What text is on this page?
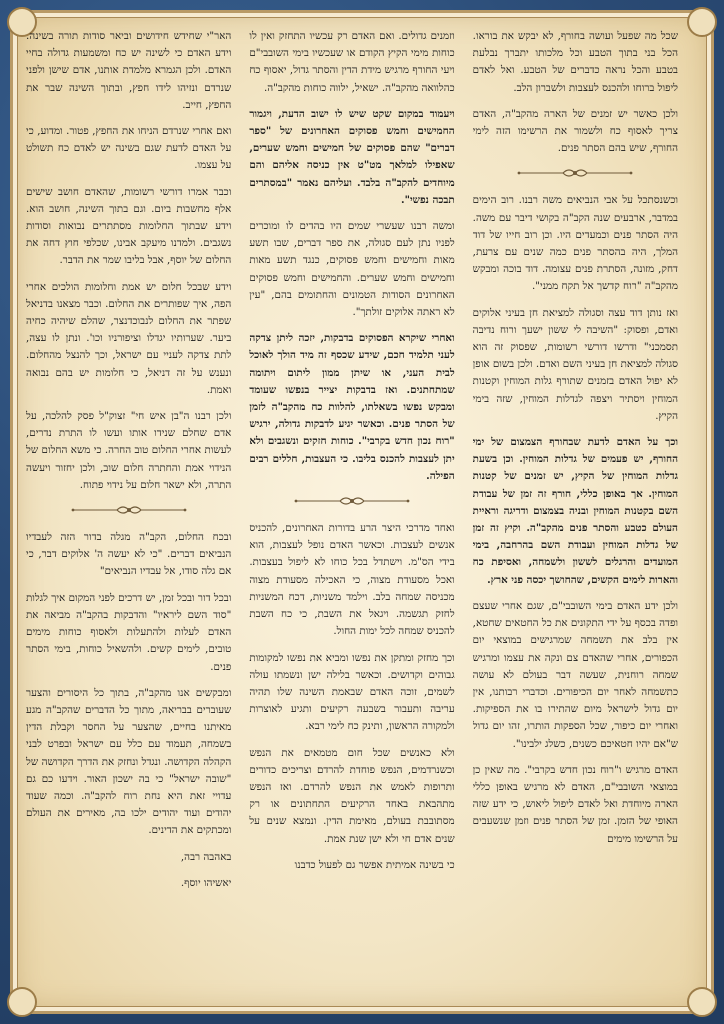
שכל מה שפעל ועושה בחורף, לא יבקש את בוראו. הכל בני בתוך הטבע וכל מלכותו יתברך נבלעת בטבע והכל נראה כדברים של הטבע. ואל לאדם ליפול ברוחו ולהכנס לעצבות ולשברון הלב.

ולכן כאשר יש זמנים של הארה מהקב"ה, האדם צריך לאסוף כח ולשמור את הרשימו הזה לימי החורף, שיש בהם הסתר פנים.

וכשנסתכל על אבי הנביאים משה רבנו. רוב הימים במדבר, ארבעים שנה הקב"ה בקושי דיבר עם משה. היה הסתר פנים וכמעדים היו. וכן רוב חייו של דוד המלך, היה בהסתר פנים כמה שנים עם צרעת, דחק, מזונה, הסתרת פנים עצומה. דוד בוכה ומבקש מהקב"ה "רוח קדשך אל תקח ממני".

ואז נותן דוד עצה וסגולה למציאת חן בעיני אלוקים ואדם, ופסוק: "השיבה לי ששון ישעך ורוח נדיבה תסמכני" ודרשו דורשי רשומות, שפסוק זה הוא סגולה למציאת חן בעיני השם ואדם. ולכן בשום אופן לא יפול האדם בזמנים שתורף גלות המוחין וקטנות המוחין ויסתיר ויצפה לגדלות המוחין, שזה בימי הקיץ.

וכך על האדם לדעת שבחורף הצמצום של ימי החורף, יש פעמים של גדלות המוחין. וכן בשעת גדלות המוחין של הקיץ, יש זמנים של קטנות המוחין. אך באופן כללי, חורף זה זמן של עבודת השם בקטנות המוחין ובניה בצמצום ודריגה וראיית העולם כטבע והסתר פנים מהקב"ה. וקיץ זה זמן של גדלות המוחין ועבודת השם בהרחבה, בימי המועדים והרגלים לששון ולשמחה, ואסיפת כח והארות לימים הקשים, שהחושך יכסה פני ארץ.

ולכן ידע האדם בימי השובבי"ם, שגם אחרי שעצם ופדה בכסף על ידי התקונים את כל החטאים שחטא, אין בלב את תשמחה שמרגישים במוצאי יום הכפורים, אחרי שהאדם צם ונקה את עצמו ומרגיש שמחה רוחנית, שעשה דבר בעולם לא עושה כתשמחה לאחר יום הכיפורים. וכדברי רבותנו, אין יום גדול לישראל מיום שהתירו בו את הספיקות. ואחרי יום כיפור, שכל הספקות הותרו, זהו יום גדול ש"אם יהיו חטאיכם כשנים, כשלג ילבינו".

האדם מרגיש ו"רוח נכון חדש בקרבי". מה שאין כן במוצאי השובבי"ם, האדם לא מרגיש באופן כללי הארה מיוחדת ואל לאדם ליפול ליאוש, כי ידע שזה האופי של הזמן. זמן של הסתר פנים וזמן שנשעבים על הרשימו מימים

וזמנים גדולים. ואם האדם רק עכשיו התחזק ואין לו כוחות מימי הקיץ הקודם או שעכשיו בימי השובבי"ם ויעי החורף מרגיש מידת הדין והסתר גדול, יאסוף כח כהלוואה מהקב"ה. ישאיל, ילווה כוחות מהקב"ה.

ויעמוד במקום שקט שיש לו ישוב הדעת, ויגמור החמישים וחמש פסוקים האחרונים של "ספר דברים" שהם פסוקים של חמישים וחמש שערים, שאפילו למלאך מט"ט אין כניסה אליהם והם מיוחדים להקב"ה בלבד. ועליהם נאמר "במסתרים תבכה נפשי".

ומשה רבנו שעשרי שמים היו בהדים לו ומוכרים לפניו נתן לעם סגולה, את ספר דברים, שבו תשע מאות וחמישים וחמש פסוקים, כנגד תשע מאות וחמישים וחמש שערים. והחמישים וחמש פסוקים האחרונים הסודות הטמונים והחתומים בהם, "עין לא ראתה אלוקים זולתך".

ואחרי שיקרא הפסוקים בדבקות, יזכה ליתן צדקה לעני תלמיד חכם, שידע שכסף זה מיד הולך לאוכל לבית העני, או שיתן ממון ליתום ויתומה שמתחתנים. ואז בדבקות יצייר בנפשו שעומד ומבקש נפשו בשאלתו, להלוות כח מהקב"ה לזמן של הסתר פנים. וכאשר יגיע לדבקות גדולה, ירגיש "רוח נכון חדש בקרבי". כוחות חזקים ונשגבים ולא יתן לעצבות להכנס בליבו. כי העצבות, חללים רבים הפילה.

ואחד מדרכי היצר הרע בדורות האחרונים, להכניס אנשים לעצבות. וכאשר האדם נופל לעצבות, הוא בידי הס"מ. וישתדל בכל כוחו לא ליפול בעצבות. ואכל מסעודת מצוה, כי האכילה מסעודת מצוה מכניסה שמחה בלב. וילמד משניות, דכח המשניות לחזק תגשמה. ויגאל את השבת, כי כח השבת להכניס שמחה לכל ימות החול.

וכך מחזק ומתקן את נפשו ומביא את נפשו למקומות גבוהים וקדושים. וכאשר בלילה ישן ונשמתו עולה לשמים, זוכה האדם שבאמת השינה שלו תהיה עריבה ותעבור בשבעה רקיעים ותגיע לאוצרות ולמקורה הראשון, ותינק כח לימי רבא.

ולא כאנשים שכל חום מטמאים את הנפש וכשנרדמים, הנפש פוחדת להרדם וצריכים כדורים ותרופות לאמש את הנפש להרדם. ואז הנפש מתהבאת באחד הרקיעים התחתונים או רק מסתובבת בעולם, מאימת הדין. ונמצא שנים על שנים אדם חי ולא ישן שנת אמת.

כי בשינה אמיתית אפשר גם לפעול כדבנו

האר"י שחידש חידושים וביאר סודות תורה בשינה. וידע האדם כי לשינה יש כח ומשמעות גדולה בחיי האדם. ולכן הגמרא מלמדת אותנו, אדם שישן ולפני שנרדם ונזיהו לידו חפץ, ובתוך השינה שבר את החפץ, חייב.

ואם אחרי שנרדם הניחו את החפץ, פטור. ומדוע, כי על האדם לדעת שגם בשינה יש לאדם כח תשולט על עצמו.

וכבר אמרו דורשי רשומות, שהאדם חושב שישים אלף מחשבות ביום. וגם בתוך השינה, חושב הוא. וידע שבתוך החלומות מסתתרים נבואות וסודות נשגבים. ולמדנו מיעקב אבינו, שכלפי חוץ דחה את החלום של יוסף, אבל בליבו שמר את הדבר.

וידע שבכל חלום יש אמת וחלומות הולכים אחרי הפה, איך שפותרים את החלום. וכבר מצאנו בדניאל שפתר את החלום לנבוכדנצר, שהלם שיהיה כחיה ביער. שערותיו יגדלו וציפורניו וכו'. ונתן לו עצה, לתת צדקה לעניי עם ישראל, וכך להנצל מהחלום. ונענש על זה דניאל, כי חלומות יש בהם נבואה ואמת.

ולכן רבנו ה"בן איש חי" זצוק"ל פסק להלכה, על אדם שחלם שנידו אותו ועשו לו התרת נדרים, לעשות אחרי החלום טוב החרה. כי משא החלום של הנידוי אמת והחתרה חלום שוב, ולכן יחזור ויעשה התרה, ולא ישאר חלום על נידוי פתוח.

ובכח החלום, הקב"ה מגלה בדור הזה לעבדיו הנביאים דברים. "כי לא יעשה ה' אלוקים דבר, כי אם גלה סודו, אל עבדיו הנביאים"

ובכל דור ובכל זמן, יש דרכים לפני המקום איך לגלות "סוד השם ליראיו" והדבקות בהקב"ה מביאה את האדם לעלות ולהתעלות ולאסוף כוחות מימים טובים, לימים קשים. ולהשאיל כוחות, בימי הסתר פנים.

ומבקשים אנו מהקב"ה, בתוך כל היסורים והצער שעוברים בבריאה, מתוך כל הדברים שהקב"ה מגע מאיתנו בחיים, שהצער על החסר וקבלת הדין בשמחה, תעמוד עם כלל עם ישראל ובפרט לבני הקהלה הקדושה. ונגדל ונחזק את הדרך הקדושה של "שובה ישראל" כי בה ישכון האור. וידעו כם גם עדויי זאת היא נחת רוח להקב"ה. וכמה שעוד יהודים ועוד יהודים ילכו בה, מאירים את העולם ומכתקים את הדינים.

באהבה רבה,

יאשיהו יוסף.
